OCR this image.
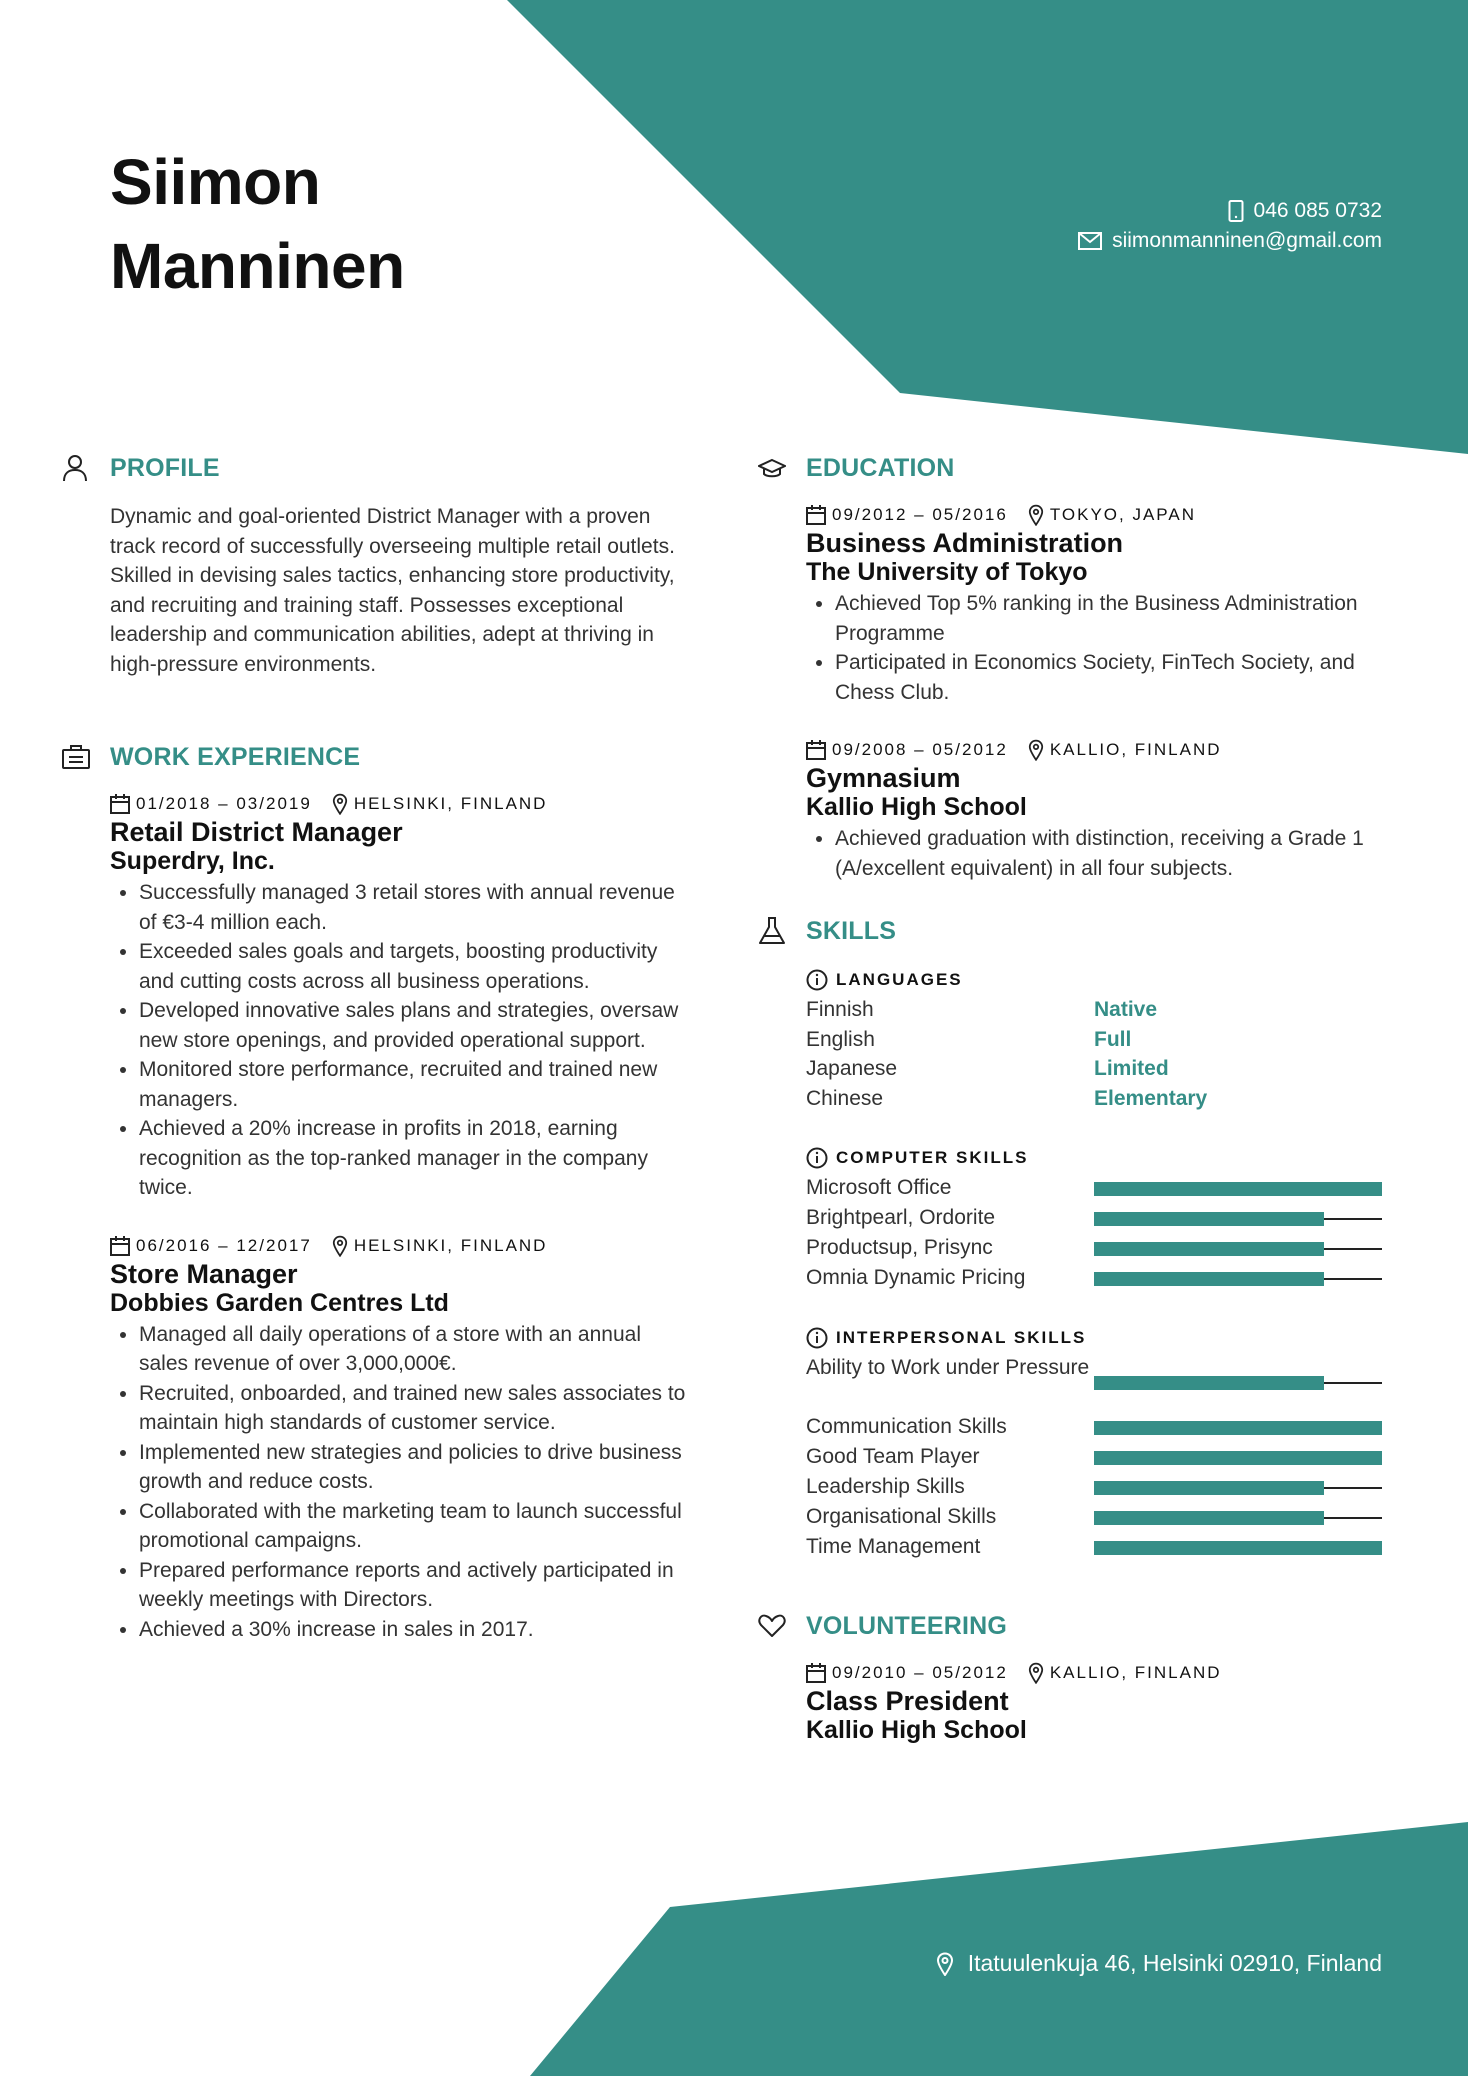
Siimon
Manninen
046 085 0732
siimonmanninen@gmail.com
PROFILE

Dynamic and goal-oriented District Manager with a proven track record of successfully overseeing multiple retail outlets. Skilled in devising sales tactics, enhancing store productivity, and recruiting and training staff. Possesses exceptional leadership and communication abilities, adept at thriving in high-pressure environments.

WORK EXPERIENCE
01/2018 – 03/2019 HELSINKI, FINLAND
Retail District Manager
Superdry, Inc.
• Successfully managed 3 retail stores with annual revenue of €3-4 million each.
• Exceeded sales goals and targets, boosting productivity and cutting costs across all business operations.
• Developed innovative sales plans and strategies, oversaw new store openings, and provided operational support.
• Monitored store performance, recruited and trained new managers.
• Achieved a 20% increase in profits in 2018, earning recognition as the top-ranked manager in the company twice.
06/2016 – 12/2017 HELSINKI, FINLAND
Store Manager
Dobbies Garden Centres Ltd
• Managed all daily operations of a store with an annual sales revenue of over 3,000,000€.
• Recruited, onboarded, and trained new sales associates to maintain high standards of customer service.
• Implemented new strategies and policies to drive business growth and reduce costs.
• Collaborated with the marketing team to launch successful promotional campaigns.
• Prepared performance reports and actively participated in weekly meetings with Directors.
• Achieved a 30% increase in sales in 2017.
EDUCATION
09/2012 – 05/2016 TOKYO, JAPAN
Business Administration
The University of Tokyo
• Achieved Top 5% ranking in the Business Administration Programme
• Participated in Economics Society, FinTech Society, and Chess Club.
09/2008 – 05/2012 KALLIO, FINLAND
Gymnasium
Kallio High School
• Achieved graduation with distinction, receiving a Grade 1 (A/excellent equivalent) in all four subjects.
SKILLS
LANGUAGES
Finnish	Native
English	Full
Japanese	Limited
Chinese	Elementary
COMPUTER SKILLS
Microsoft Office
Brightpearl, Ordorite
Productsup, Prisync
Omnia Dynamic Pricing
INTERPERSONAL SKILLS
Ability to Work under Pressure
Communication Skills
Good Team Player
Leadership Skills
Organisational Skills
Time Management
VOLUNTEERING
09/2010 – 05/2012 KALLIO, FINLAND
Class President
Kallio High School
Itatuulenkuja 46, Helsinki 02910, Finland
